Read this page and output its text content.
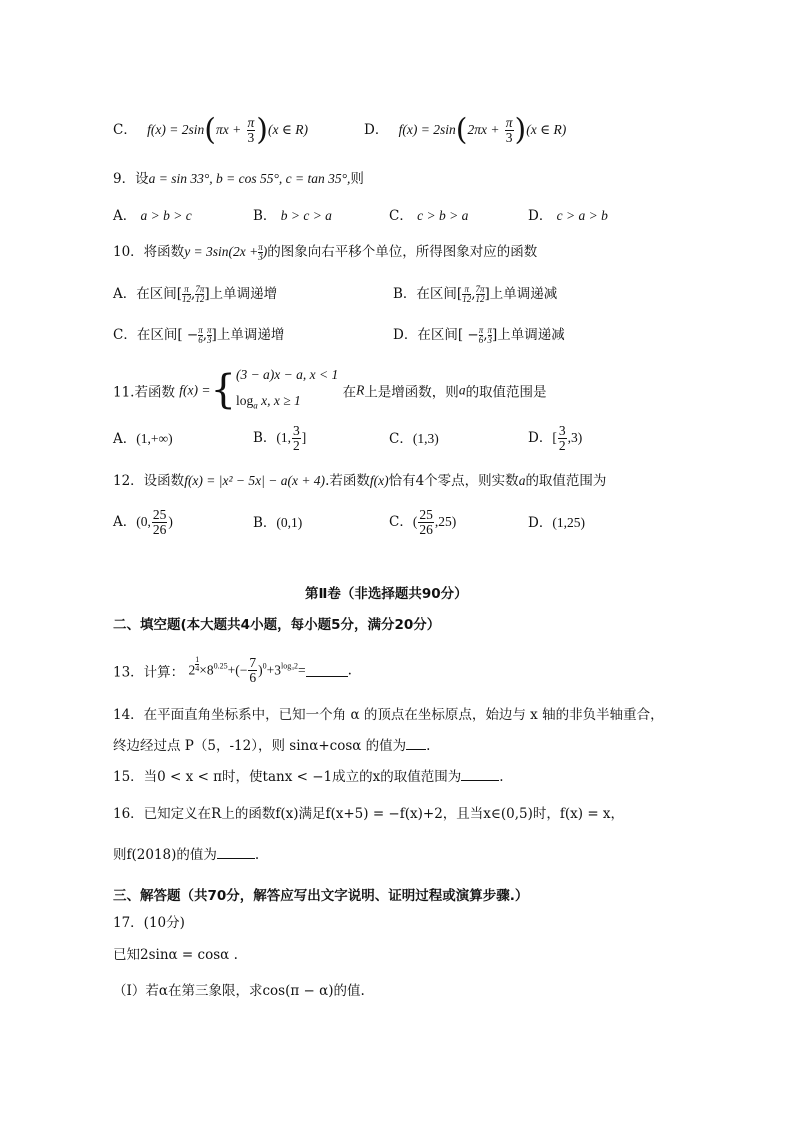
C． $f(x) = 2\sin(\pi x + \frac{\pi}{3} )(x$ ∈ R)	D． $f(x) = 2\sin(2\pi x + \frac{\pi}{3} )(x$ ∈ R)
9．设a = sin 33°, b = cos 55°, c = tan 35°,则
A． a > b > c	B． b > c > a	C． c > b > a	D． c > a > b
10．将函数$y = 3\sin(2x + \frac{\pi}{3}$ )的图象向右平移个单位，所得图象对应的函数
A．在区间[ $\frac{\pi}{12}$ , $\frac{7\pi}{12}$ ]上单调递增	B．在区间[ $\frac{\pi}{12}$ , $\frac{7\pi}{12}$ ]上单调递减
C．在区间[ − $\frac{\pi}{6}$ , $\frac{\pi}{3}$ ]上单调递增	D．在区间[ − $\frac{\pi}{6}$ , $\frac{\pi}{3}$ ]上单调递减
11.若函数 f(x) ={ (3 − a)x − a, x < 1
$\log_a x$, x ≥ 1
在R上是增函数，则a的取值范围是
A．(1,+∞)	B．(1, $\frac{3}{2}$ ]	C．(1,3)	D．[ $\frac{3}{2} ,3$)
12．设函数f(x) = |x² − 5x| − a(x + 4).若函数f(x)恰有4个零点，则实数a的取值范围为
A．(0, $\frac{25}{26}$ )	B．(0,1)	C．( $\frac{25}{26} ,25$)	D．(1,25)
第Ⅱ卷（非选择题共90分）
二、填空题(本大题共4小题，每小题5分，满分20分）
13．计算： $2 \frac{1}{4} \times 8^{0.25}+(- \frac{7}{6} )^0+3^{log_32}=$	.
14．在平面直角坐标系中，已知一个角 α 的顶点在坐标原点，始边与 x 轴的非负半轴重合，
终边经过点 P（5，-12），则 sinα+cosα 的值为 .
15．当0 < x < π时，使tanx < −1成立的x的取值范围为	.
16．已知定义在R上的函数f(x)满足f(x+5) = −f(x)+2，且当x∈(0,5)时，f(x) = x，
则f(2018)的值为	.
三、解答题（共70分，解答应写出文字说明、证明过程或演算步骤.）
17．(10分)
已知2sinα = cosα .
（Ⅰ）若α在第三象限，求cos(π − α)的值.
